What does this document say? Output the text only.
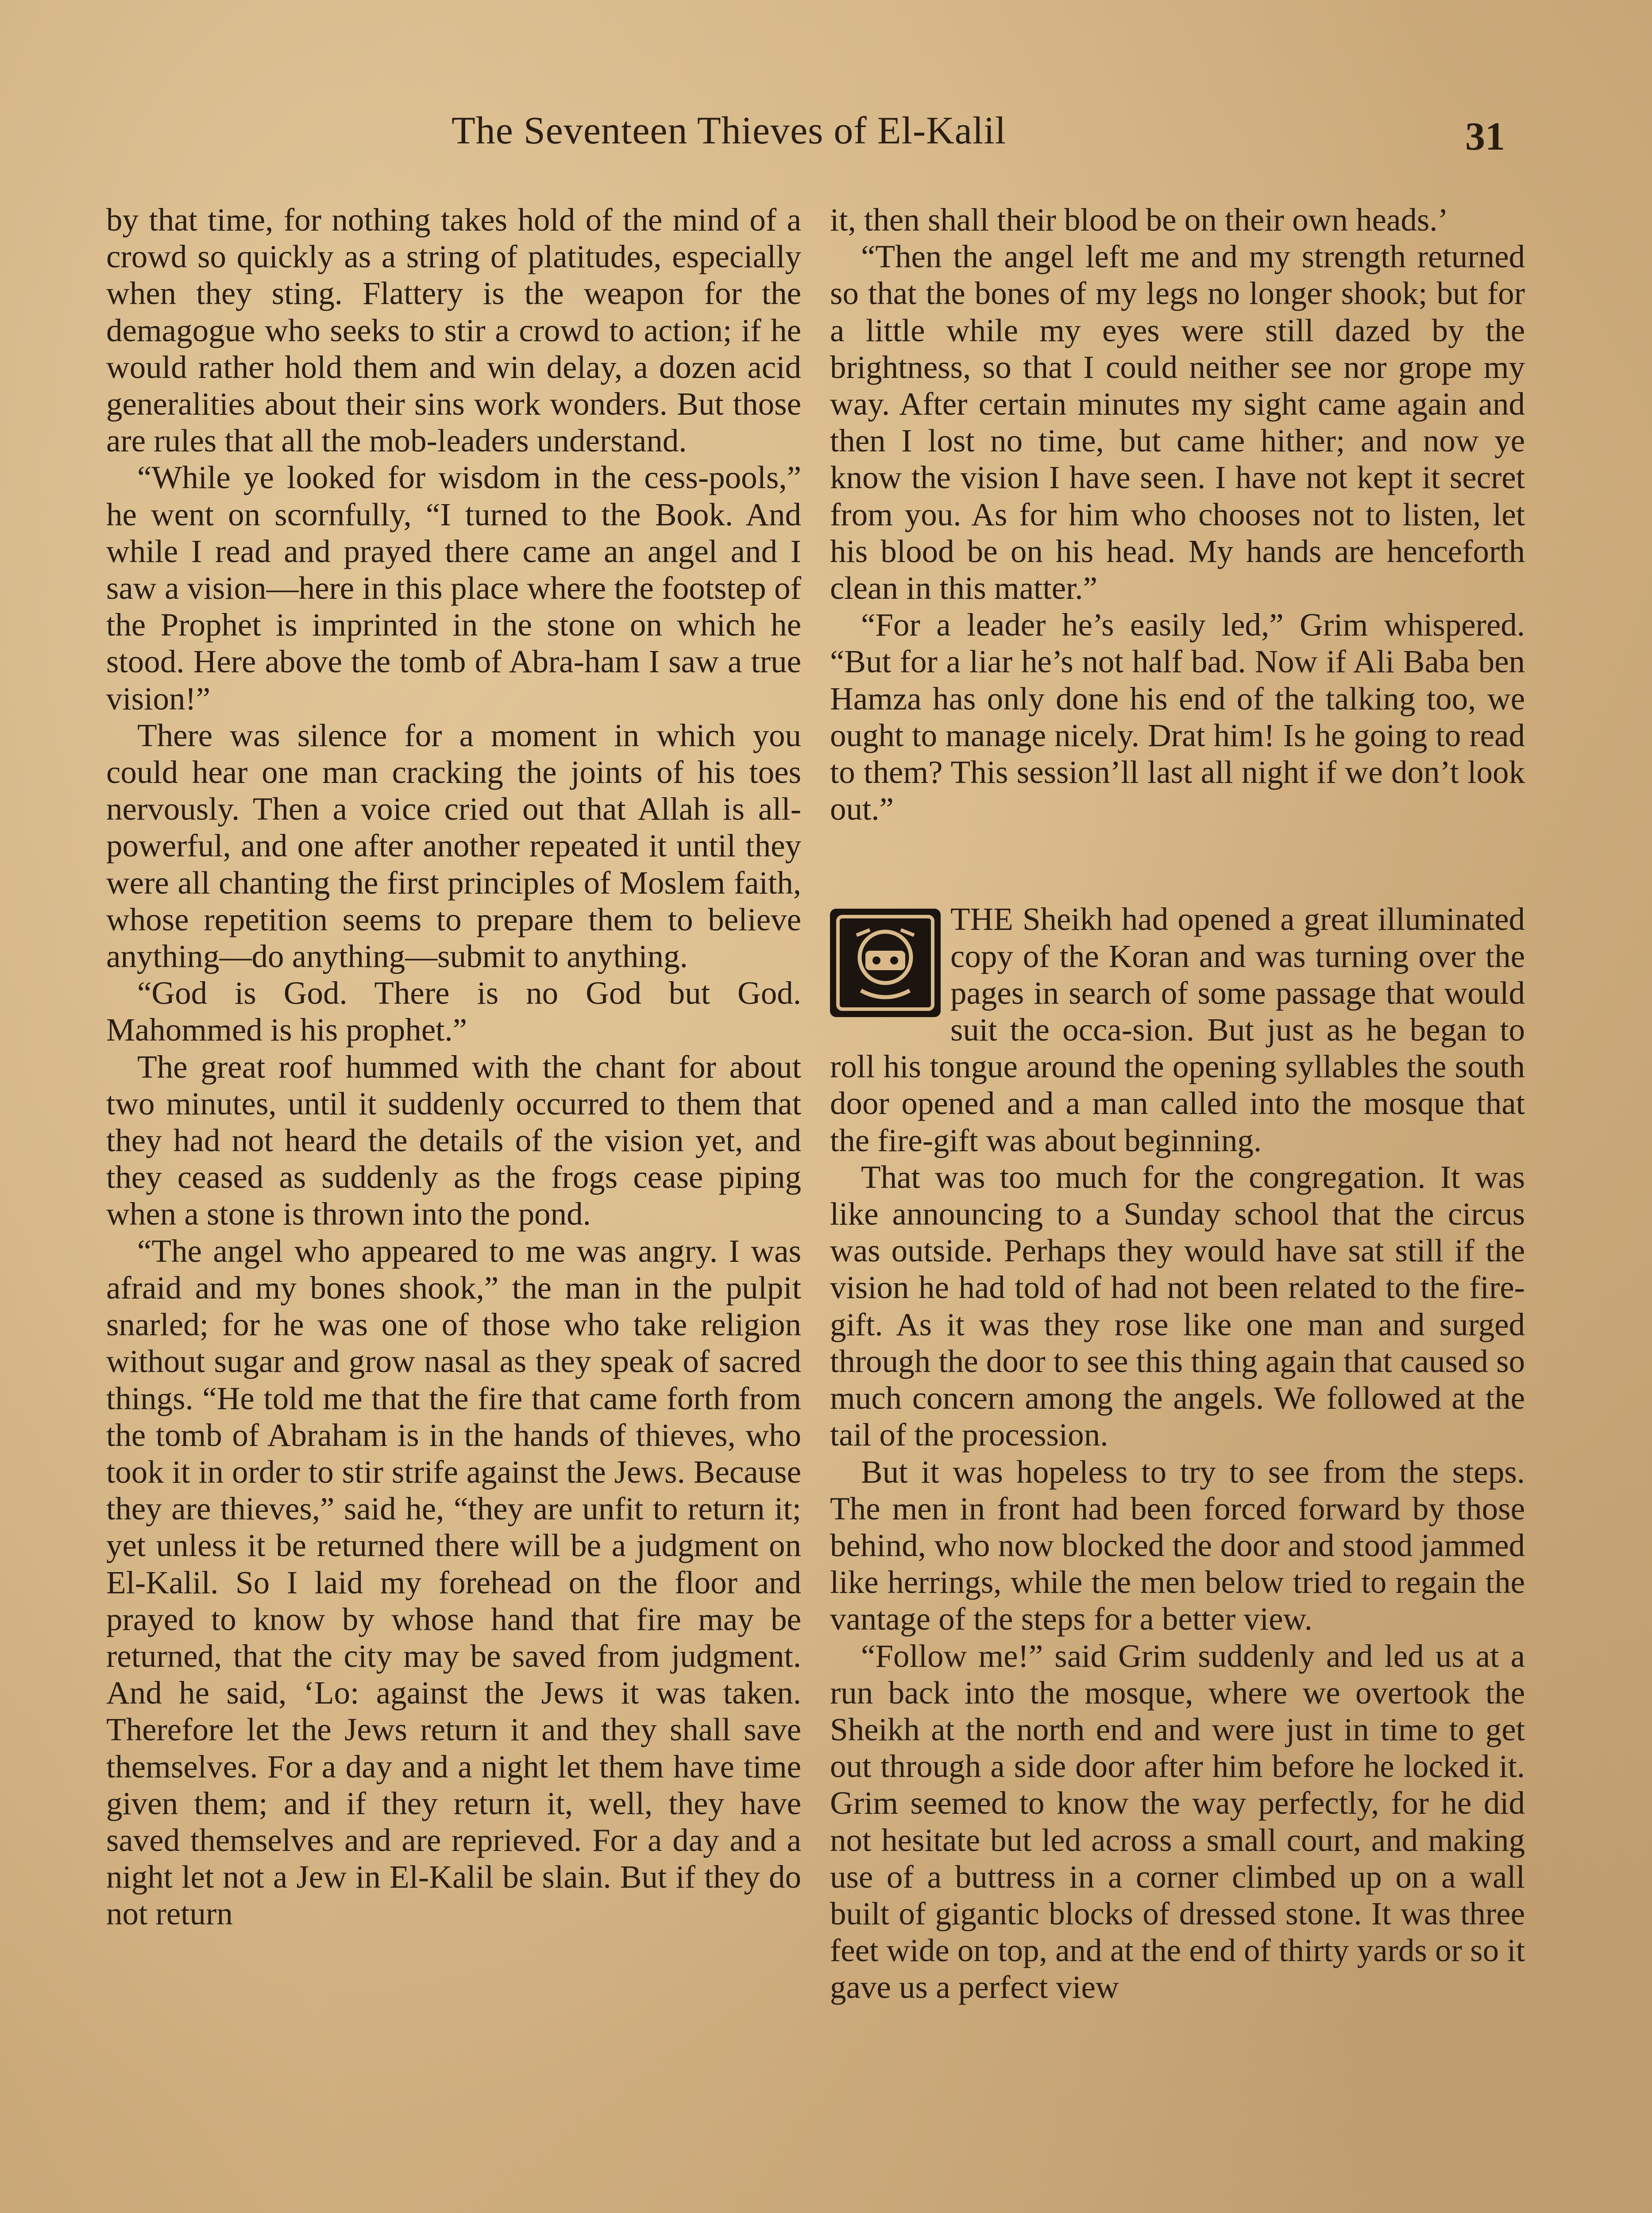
The Seventeen Thieves of El-Kalil	31

by that time, for nothing takes hold of the mind of a crowd so quickly as a string of platitudes, especially when they sting. Flattery is the weapon for the demagogue who seeks to stir a crowd to action; if he would rather hold them and win delay, a dozen acid generalities about their sins work wonders. But those are rules that all the mob-leaders understand.

“While ye looked for wisdom in the cess-pools,” he went on scornfully, “I turned to the Book. And while I read and prayed there came an angel and I saw a vision—here in this place where the footstep of the Prophet is imprinted in the stone on which he stood. Here above the tomb of Abra-ham I saw a true vision!”

There was silence for a moment in which you could hear one man cracking the joints of his toes nervously. Then a voice cried out that Allah is all-powerful, and one after another repeated it until they were all chanting the first principles of Moslem faith, whose repetition seems to prepare them to believe anything—do anything—submit to anything.

“God is God. There is no God but God. Mahommed is his prophet.”

The great roof hummed with the chant for about two minutes, until it suddenly occurred to them that they had not heard the details of the vision yet, and they ceased as suddenly as the frogs cease piping when a stone is thrown into the pond.

“The angel who appeared to me was angry. I was afraid and my bones shook,” the man in the pulpit snarled; for he was one of those who take religion without sugar and grow nasal as they speak of sacred things. “He told me that the fire that came forth from the tomb of Abraham is in the hands of thieves, who took it in order to stir strife against the Jews. Because they are thieves,” said he, “they are unfit to return it; yet unless it be returned there will be a judgment on El-Kalil. So I laid my forehead on the floor and prayed to know by whose hand that fire may be returned, that the city may be saved from judgment. And he said, ‘Lo: against the Jews it was taken. Therefore let the Jews return it and they shall save themselves. For a day and a night let them have time given them; and if they return it, well, they have saved themselves and are reprieved. For a day and a night let not a Jew in El-Kalil be slain. But if they do not return

it, then shall their blood be on their own heads.’

“Then the angel left me and my strength returned so that the bones of my legs no longer shook; but for a little while my eyes were still dazed by the brightness, so that I could neither see nor grope my way. After certain minutes my sight came again and then I lost no time, but came hither; and now ye know the vision I have seen. I have not kept it secret from you. As for him who chooses not to listen, let his blood be on his head. My hands are henceforth clean in this matter.”

“For a leader he’s easily led,” Grim whispered. “But for a liar he’s not half bad. Now if Ali Baba ben Hamza has only done his end of the talking too, we ought to manage nicely. Drat him! Is he going to read to them? This session’ll last all night if we don’t look out.”

THE Sheikh had opened a great illuminated copy of the Koran and was turning over the pages in search of some passage that would suit the occa-sion. But just as he began to roll his tongue around the opening syllables the south door opened and a man called into the mosque that the fire-gift was about beginning.

That was too much for the congregation. It was like announcing to a Sunday school that the circus was outside. Perhaps they would have sat still if the vision he had told of had not been related to the fire-gift. As it was they rose like one man and surged through the door to see this thing again that caused so much concern among the angels. We followed at the tail of the procession.

But it was hopeless to try to see from the steps. The men in front had been forced forward by those behind, who now blocked the door and stood jammed like herrings, while the men below tried to regain the vantage of the steps for a better view.

“Follow me!” said Grim suddenly and led us at a run back into the mosque, where we overtook the Sheikh at the north end and were just in time to get out through a side door after him before he locked it. Grim seemed to know the way perfectly, for he did not hesitate but led across a small court, and making use of a buttress in a corner climbed up on a wall built of gigantic blocks of dressed stone. It was three feet wide on top, and at the end of thirty yards or so it gave us a perfect view
